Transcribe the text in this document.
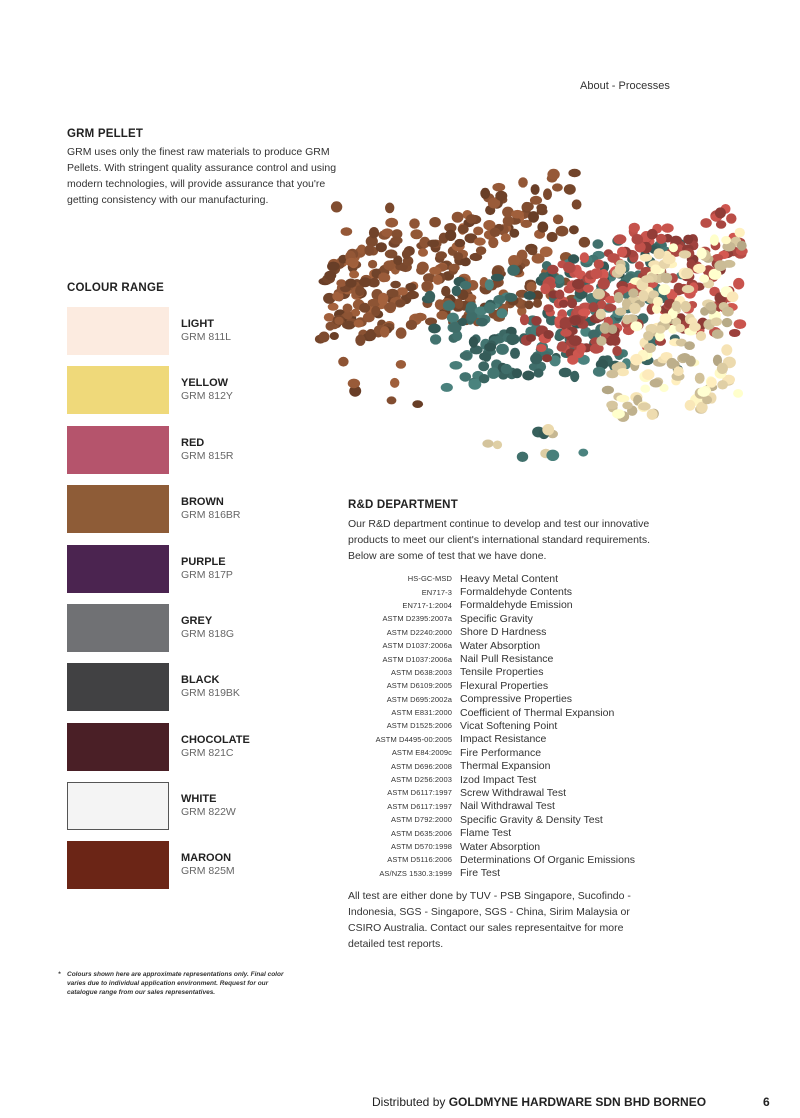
About - Processes
GRM PELLET
GRM uses only the finest raw materials to produce GRM
Pellets. With stringent quality assurance control and using
modern technologies, will provide assurance that you're
getting consistency with our manufacturing.
COLOUR RANGE
LIGHT
GRM 811L
YELLOW
GRM 812Y
RED
GRM 815R
BROWN
GRM 816BR
PURPLE
GRM 817P
GREY
GRM 818G
BLACK
GRM 819BK
CHOCOLATE
GRM 821C
WHITE
GRM 822W
MAROON
GRM 825M
* Colours shown here are approximate representations only. Final color
varies due to individual application environment. Request for our
catalogue range from our sales representatives.
R&D DEPARTMENT
Our R&D department continue to develop and test our innovative
products to meet our client's international standard requirements.
Below are some of test that we have done.
HS-GC-MSD Heavy Metal Content
EN717-3 Formaldehyde Contents
EN717-1:2004 Formaldehyde Emission
ASTM D2395:2007a Specific Gravity
ASTM D2240:2000 Shore D Hardness
ASTM D1037:2006a Water Absorption
ASTM D1037:2006a Nail Pull Resistance
ASTM D638:2003 Tensile Properties
ASTM D6109:2005 Flexural Properties
ASTM D695:2002a Compressive Properties
ASTM E831:2000 Coefficient of Thermal Expansion
ASTM D1525:2006 Vicat Softening Point
ASTM D4495-00:2005 Impact Resistance
ASTM E84:2009c Fire Performance
ASTM D696:2008 Thermal Expansion
ASTM D256:2003 Izod Impact Test
ASTM D6117:1997 Screw Withdrawal Test
ASTM D6117:1997 Nail Withdrawal Test
ASTM D792:2000 Specific Gravity & Density Test
ASTM D635:2006 Flame Test
ASTM D570:1998 Water Absorption
ASTM D5116:2006 Determinations Of Organic Emissions
AS/NZS 1530.3:1999 Fire Test
All test are either done by TUV - PSB Singapore, Sucofindo -
Indonesia, SGS - Singapore, SGS - China, Sirim Malaysia or
CSIRO Australia. Contact our sales representaitve for more
detailed test reports.
Distributed by GOLDMYNE HARDWARE SDN BHD BORNEO	6
